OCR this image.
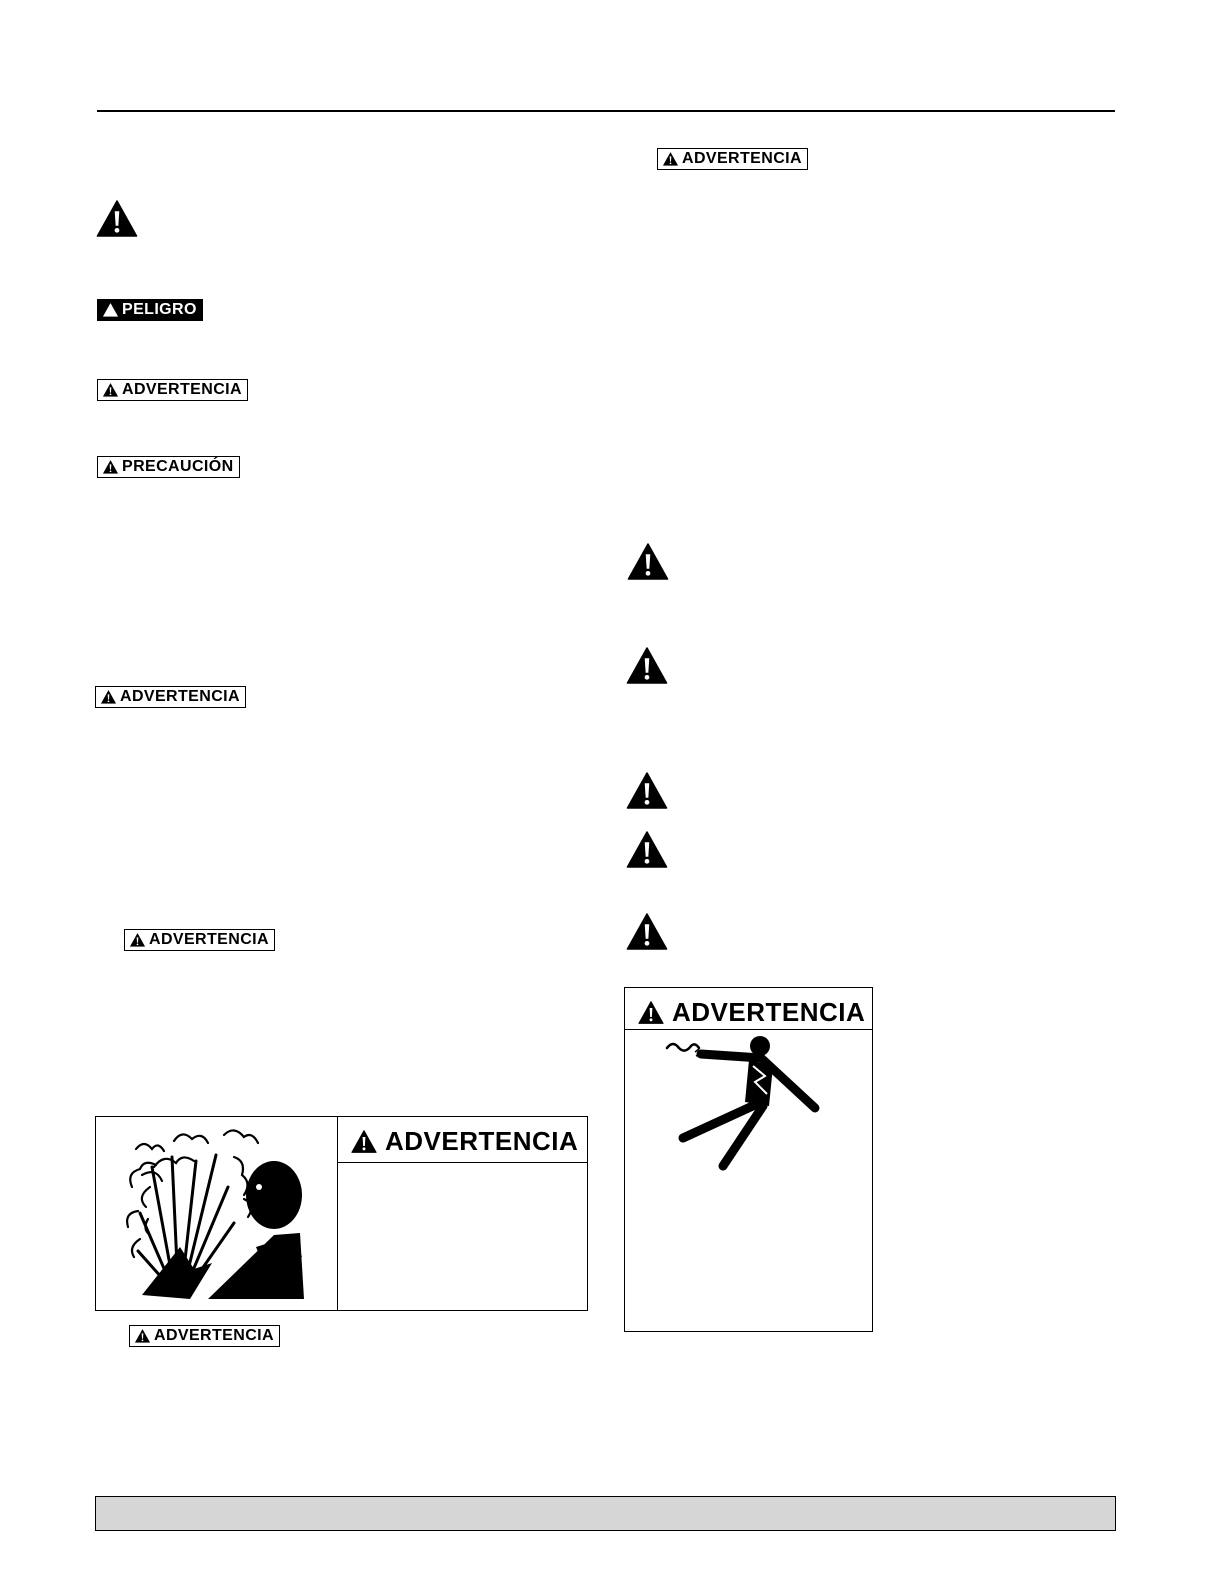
PELIGRO
ADVERTENCIA
PRECAUCIÓN
ADVERTENCIA
ADVERTENCIA
ADVERTENCIA
ADVERTENCIA
ADVERTENCIA
ADVERTENCIA
